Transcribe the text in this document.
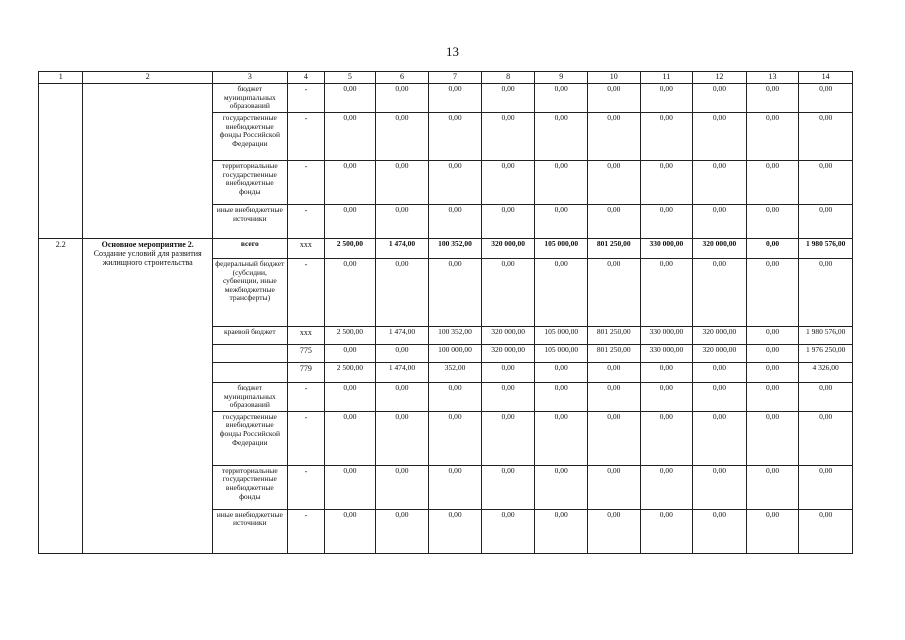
13
1	2	3	4	5	6	7	8	9	10	11	12	13	14
		бюджет муниципальных образований	-	0,00	0,00	0,00	0,00	0,00	0,00	0,00	0,00	0,00	0,00
		государственные внебюджетные фонды Российской Федерации	-	0,00	0,00	0,00	0,00	0,00	0,00	0,00	0,00	0,00	0,00
		территориальные государственные внебюджетные фонды	-	0,00	0,00	0,00	0,00	0,00	0,00	0,00	0,00	0,00	0,00
		иные внебюджетные источники	-	0,00	0,00	0,00	0,00	0,00	0,00	0,00	0,00	0,00	0,00
2.2	Основное мероприятие 2.
Создание условий для развития жилищного строительства	всего	ххх	2 500,00	1 474,00	100 352,00	320 000,00	105 000,00	801 250,00	330 000,00	320 000,00	0,00	1 980 576,00
		федеральный бюджет (субсидии, субвенции, иные межбюджетные трансферты)	-	0,00	0,00	0,00	0,00	0,00	0,00	0,00	0,00	0,00	0,00
		краевой бюджет	ххх	2 500,00	1 474,00	100 352,00	320 000,00	105 000,00	801 250,00	330 000,00	320 000,00	0,00	1 980 576,00
			775	0,00	0,00	100 000,00	320 000,00	105 000,00	801 250,00	330 000,00	320 000,00	0,00	1 976 250,00
			779	2 500,00	1 474,00	352,00	0,00	0,00	0,00	0,00	0,00	0,00	4 326,00
		бюджет муниципальных образований	-	0,00	0,00	0,00	0,00	0,00	0,00	0,00	0,00	0,00	0,00
		государственные внебюджетные фонды Российской Федерации	-	0,00	0,00	0,00	0,00	0,00	0,00	0,00	0,00	0,00	0,00
		территориальные государственные внебюджетные фонды	-	0,00	0,00	0,00	0,00	0,00	0,00	0,00	0,00	0,00	0,00
		иные внебюджетные источники	-	0,00	0,00	0,00	0,00	0,00	0,00	0,00	0,00	0,00	0,00
